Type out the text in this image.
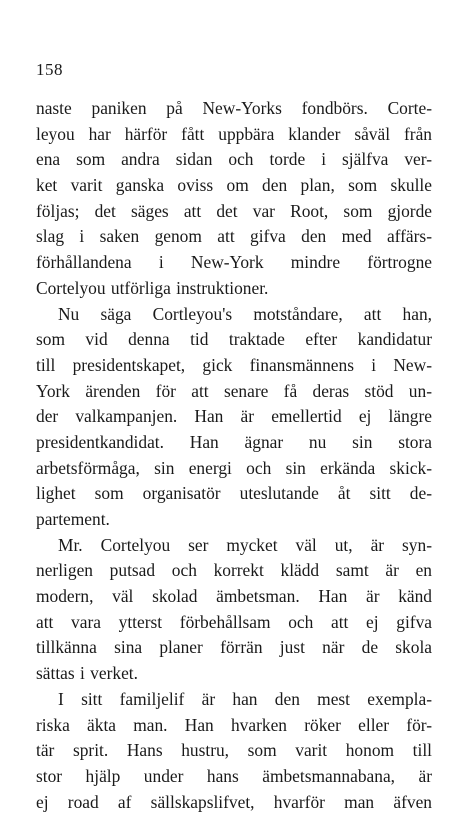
158
naste paniken på New-Yorks fondbörs. Corte-
leyou har härför fått uppbära klander såväl från
ena som andra sidan och torde i själfva ver-
ket varit ganska oviss om den plan, som skulle
följas; det säges att det var Root, som gjorde
slag i saken genom att gifva den med affärs-
förhållandena i New-York mindre förtrogne
Cortelyou utförliga instruktioner.
Nu säga Cortleyou's motståndare, att han,
som vid denna tid traktade efter kandidatur
till presidentskapet, gick finansmännens i New-
York ärenden för att senare få deras stöd un-
der valkampanjen. Han är emellertid ej längre
presidentkandidat. Han ägnar nu sin stora
arbetsförmåga, sin energi och sin erkända skick-
lighet som organisatör uteslutande åt sitt de-
partement.
Mr. Cortelyou ser mycket väl ut, är syn-
nerligen putsad och korrekt klädd samt är en
modern, väl skolad ämbetsman. Han är känd
att vara ytterst förbehållsam och att ej gifva
tillkänna sina planer förrän just när de skola
sättas i verket.
I sitt familjelif är han den mest exempla-
riska äkta man. Han hvarken röker eller för-
tär sprit. Hans hustru, som varit honom till
stor hjälp under hans ämbetsmannabana, är
ej road af sällskapslifvet, hvarför man äfven
